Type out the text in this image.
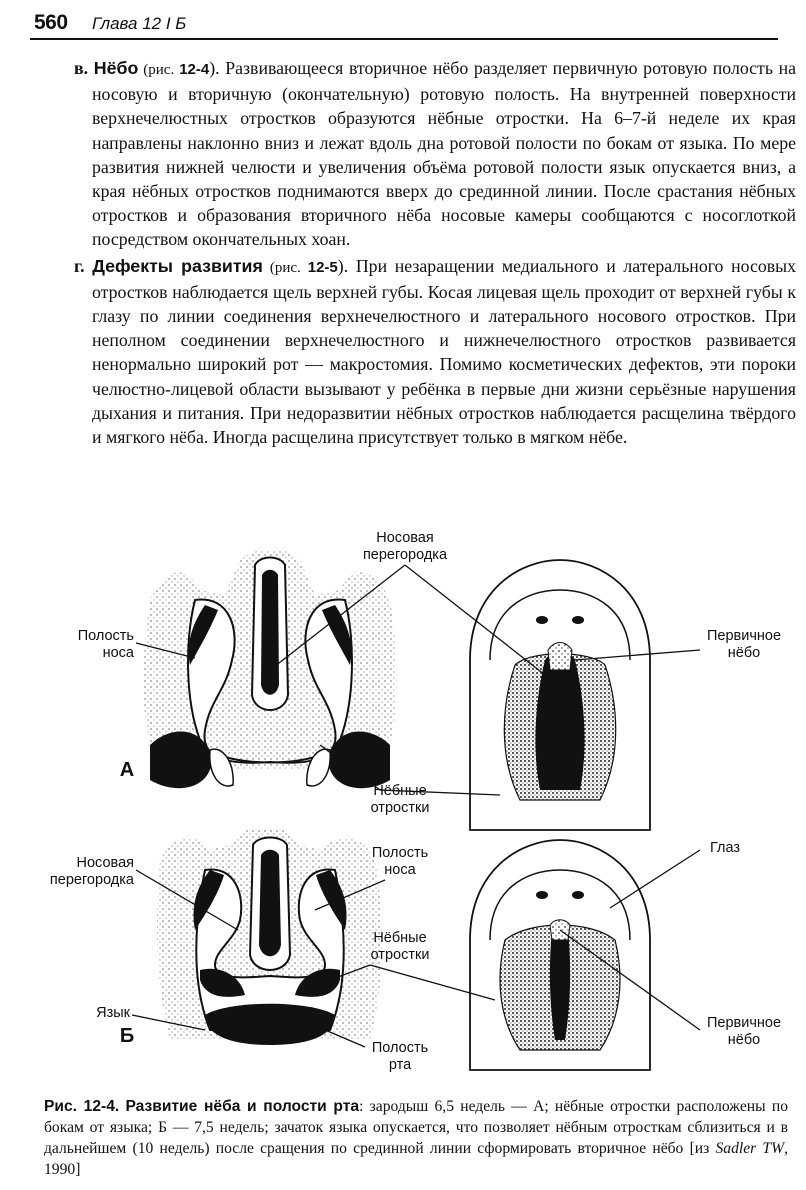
560 Глава 12 І Б

в. Нёбо (рис. 12-4). Развивающееся вторичное нёбо разделяет первичную ротовую полость на носовую и вторичную (окончательную) ротовую полость. На внутренней поверхности верхнечелюстных отростков образуются нёбные отростки. На 6–7-й неделе их края направлены наклонно вниз и лежат вдоль дна ротовой полости по бокам от языка. По мере развития нижней челюсти и увеличения объёма ротовой полости язык опускается вниз, а края нёбных отростков поднимаются вверх до срединной линии. После срастания нёбных отростков и образования вторичного нёба носовые камеры сообщаются с носоглоткой посредством окончательных хоан.

г. Дефекты развития (рис. 12-5). При незаращении медиального и латерального носовых отростков наблюдается щель верхней губы. Косая лицевая щель проходит от верхней губы к глазу по линии соединения верхнечелюстного и латерального носового отростков. При неполном соединении верхнечелюстного и нижнечелюстного отростков развивается ненормально широкий рот — макростомия. Помимо косметических дефектов, эти пороки челюстно-лицевой области вызывают у ребёнка в первые дни жизни серьёзные нарушения дыхания и питания. При недоразвитии нёбных отростков наблюдается расщелина твёрдого и мягкого нёба. Иногда расщелина присутствует только в мягком нёбе.

Носовая
перегородка
Полость
носа
Первичное
нёбо
Нёбные
отростки
А
Носовая
перегородка
Полость
носа
Глаз
Нёбные
отростки
Язык
Первичное
нёбо
Полость
рта
Б
Рис. 12-4. Развитие нёба и полости рта: зародыш 6,5 недель — А; нёбные отростки расположены по бокам от языка; Б — 7,5 недель; зачаток языка опускается, что позволяет нёбным отросткам сблизиться и в дальнейшем (10 недель) после сращения по срединной линии сформировать вторичное нёбо [из Sadler TW, 1990]
